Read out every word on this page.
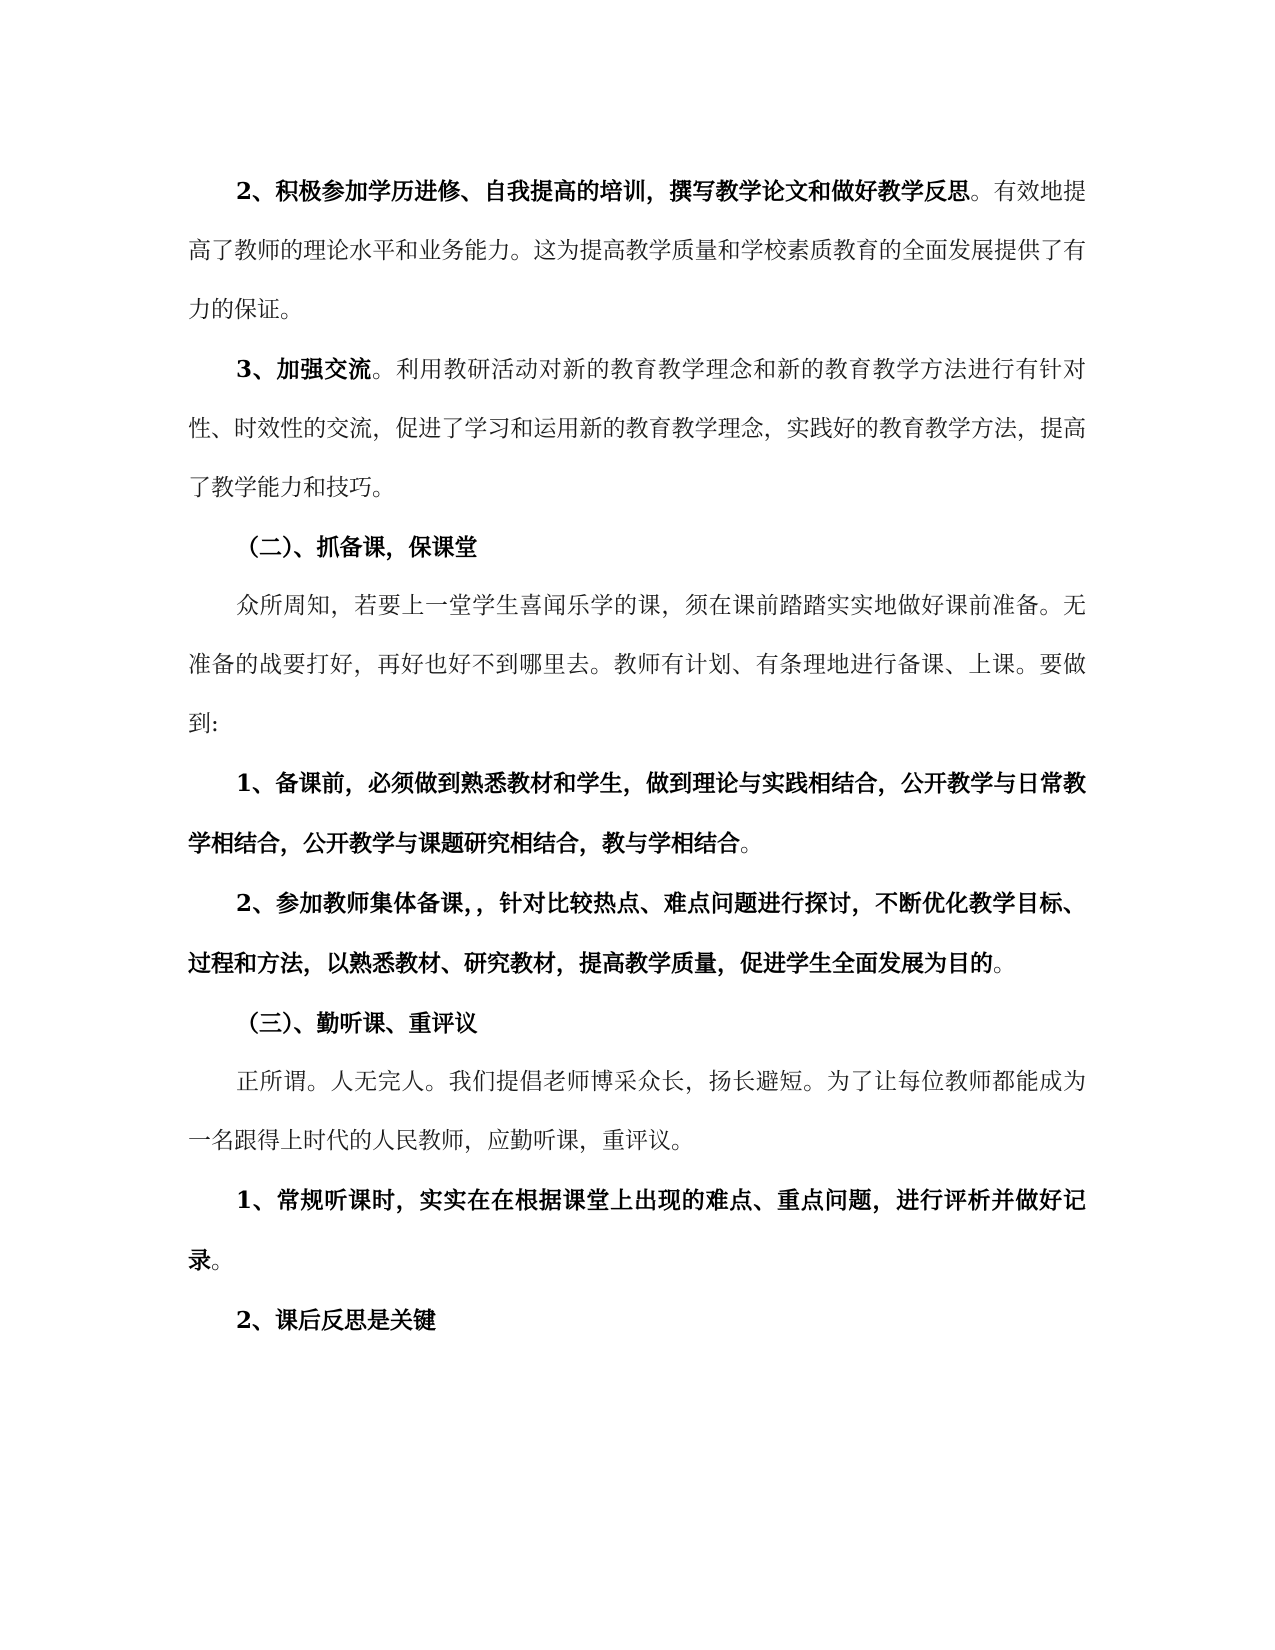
2、积极参加学历进修、自我提高的培训，撰写教学论文和做好教学反思。有效地提高了教师的理论水平和业务能力。这为提高教学质量和学校素质教育的全面发展提供了有力的保证。

3、加强交流。利用教研活动对新的教育教学理念和新的教育教学方法进行有针对性、时效性的交流，促进了学习和运用新的教育教学理念，实践好的教育教学方法，提高了教学能力和技巧。

（二）、抓备课，保课堂

众所周知，若要上一堂学生喜闻乐学的课，须在课前踏踏实实地做好课前准备。无准备的战要打好，再好也好不到哪里去。教师有计划、有条理地进行备课、上课。要做到:

1、备课前，必须做到熟悉教材和学生，做到理论与实践相结合，公开教学与日常教学相结合，公开教学与课题研究相结合，教与学相结合。

2、参加教师集体备课，，针对比较热点、难点问题进行探讨，不断优化教学目标、过程和方法，以熟悉教材、研究教材，提高教学质量，促进学生全面发展为目的。

（三）、勤听课、重评议

正所谓。人无完人。我们提倡老师博采众长，扬长避短。为了让每位教师都能成为一名跟得上时代的人民教师，应勤听课，重评议。

1、常规听课时，实实在在根据课堂上出现的难点、重点问题，进行评析并做好记录。

2、课后反思是关键
